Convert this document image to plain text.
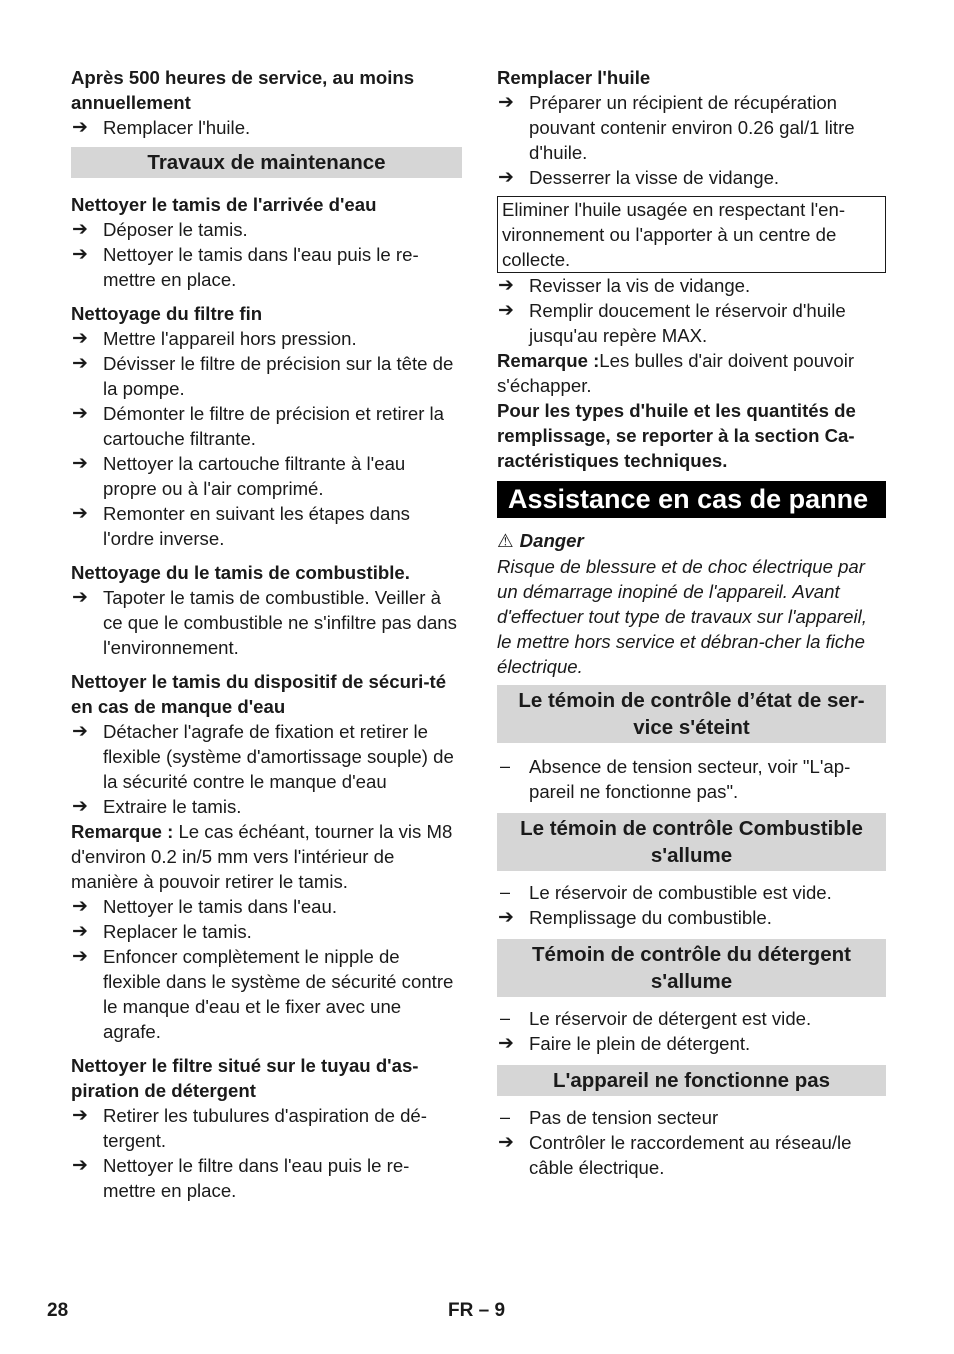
Après 500 heures de service, au moins annuellement
➔ Remplacer l'huile.
Travaux de maintenance
Nettoyer le tamis de l'arrivée d'eau
➔ Déposer le tamis.
➔ Nettoyer le tamis dans l'eau puis le re-mettre en place.
Nettoyage du filtre fin
➔ Mettre l'appareil hors pression.
➔ Dévisser le filtre de précision sur la tête de la pompe.
➔ Démonter le filtre de précision et retirer la cartouche filtrante.
➔ Nettoyer la cartouche filtrante à l'eau propre ou à l'air comprimé.
➔ Remonter en suivant les étapes dans l'ordre inverse.
Nettoyage du le tamis de combustible.
➔ Tapoter le tamis de combustible. Veiller à ce que le combustible ne s'infiltre pas dans l'environnement.
Nettoyer le tamis du dispositif de sécuri-té en cas de manque d'eau
➔ Détacher l'agrafe de fixation et retirer le flexible (système d'amortissage souple) de la sécurité contre le manque d'eau
➔ Extraire le tamis.
Remarque : Le cas échéant, tourner la vis M8 d'environ 0.2 in/5 mm vers l'intérieur de manière à pouvoir retirer le tamis.
➔ Nettoyer le tamis dans l'eau.
➔ Replacer le tamis.
➔ Enfoncer complètement le nipple de flexible dans le système de sécurité contre le manque d'eau et le fixer avec une agrafe.
Nettoyer le filtre situé sur le tuyau d'as-piration de détergent
➔ Retirer les tubulures d'aspiration de dé-tergent.
➔ Nettoyer le filtre dans l'eau puis le re-mettre en place.
Remplacer l'huile
➔ Préparer un récipient de récupération pouvant contenir environ 0.26 gal/1 litre d'huile.
➔ Desserrer la visse de vidange.
Eliminer l'huile usagée en respectant l'en-vironnement ou l'apporter à un centre de collecte.
➔ Revisser la vis de vidange.
➔ Remplir doucement le réservoir d'huile jusqu'au repère MAX.
Remarque :Les bulles d'air doivent pouvoir s'échapper.
Pour les types d'huile et les quantités de remplissage, se reporter à la section Ca-ractéristiques techniques.
Assistance en cas de panne
⚠ Danger
Risque de blessure et de choc électrique par un démarrage inopiné de l'appareil. Avant d'effectuer tout type de travaux sur l'appareil, le mettre hors service et débran-cher la fiche électrique.
Le témoin de contrôle d’état de ser-vice s'éteint
–	Absence de tension secteur, voir "L'ap-pareil ne fonctionne pas".
Le témoin de contrôle Combustible s'allume
–	Le réservoir de combustible est vide.
➔ Remplissage du combustible.
Témoin de contrôle du détergent s'allume
–	Le réservoir de détergent est vide.
➔ Faire le plein de détergent.
L'appareil ne fonctionne pas
–	Pas de tension secteur
➔ Contrôler le raccordement au réseau/le câble électrique.
28	FR – 9
